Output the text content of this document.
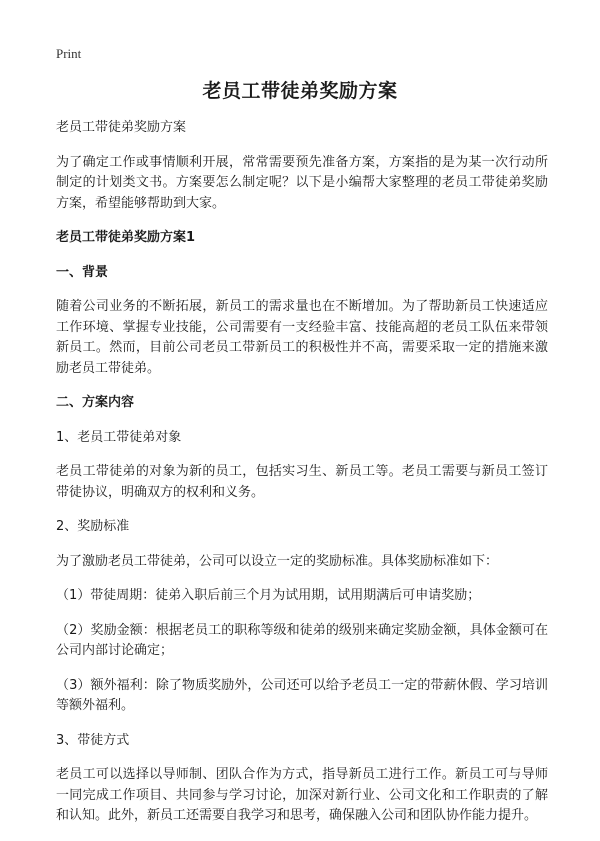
Print
老员工带徒弟奖励方案

老员工带徒弟奖励方案

为了确定工作或事情顺利开展，常常需要预先准备方案，方案指的是为某一次行动所制定的计划类文书。方案要怎么制定呢？以下是小编帮大家整理的老员工带徒弟奖励方案，希望能够帮助到大家。

老员工带徒弟奖励方案1

一、背景

随着公司业务的不断拓展，新员工的需求量也在不断增加。为了帮助新员工快速适应工作环境、掌握专业技能，公司需要有一支经验丰富、技能高超的老员工队伍来带领新员工。然而，目前公司老员工带新员工的积极性并不高，需要采取一定的措施来激励老员工带徒弟。

二、方案内容

1、老员工带徒弟对象

老员工带徒弟的对象为新的员工，包括实习生、新员工等。老员工需要与新员工签订带徒协议，明确双方的权利和义务。

2、奖励标准

为了激励老员工带徒弟，公司可以设立一定的奖励标准。具体奖励标准如下：

（1）带徒周期：徒弟入职后前三个月为试用期，试用期满后可申请奖励；

（2）奖励金额：根据老员工的职称等级和徒弟的级别来确定奖励金额，具体金额可在公司内部讨论确定；

（3）额外福利：除了物质奖励外，公司还可以给予老员工一定的带薪休假、学习培训等额外福利。

3、带徒方式

老员工可以选择以导师制、团队合作为方式，指导新员工进行工作。新员工可与导师一同完成工作项目、共同参与学习讨论，加深对新行业、公司文化和工作职责的了解和认知。此外，新员工还需要自我学习和思考，确保融入公司和团队协作能力提升。
